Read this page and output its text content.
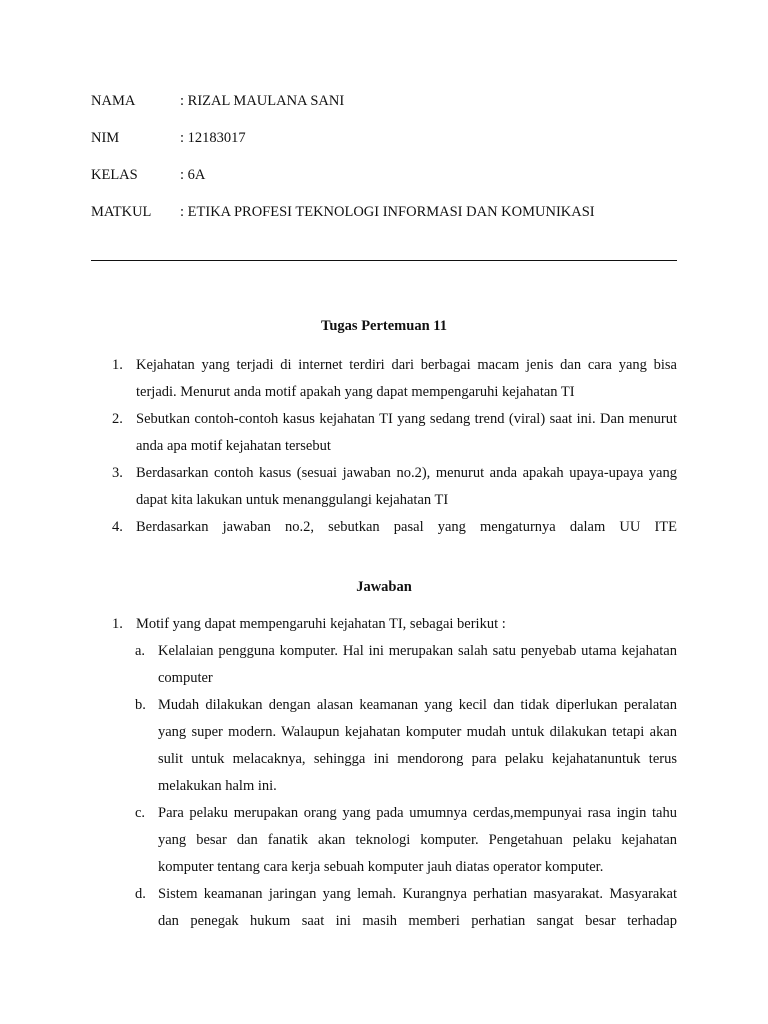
NAMA	: RIZAL MAULANA SANI
NIM	: 12183017
KELAS	: 6A
MATKUL : ETIKA PROFESI TEKNOLOGI INFORMASI DAN KOMUNIKASI
Tugas Pertemuan 11
1. Kejahatan yang terjadi di internet terdiri dari berbagai macam jenis dan cara yang bisa terjadi. Menurut anda motif apakah yang dapat mempengaruhi kejahatan TI
2. Sebutkan contoh-contoh kasus kejahatan TI yang sedang trend (viral) saat ini. Dan menurut anda apa motif kejahatan tersebut
3. Berdasarkan contoh kasus (sesuai jawaban no.2), menurut anda apakah upaya-upaya yang dapat kita lakukan untuk menanggulangi kejahatan TI
4. Berdasarkan jawaban no.2, sebutkan pasal yang mengaturnya dalam UU ITE
Jawaban
1. Motif yang dapat mempengaruhi kejahatan TI, sebagai berikut :
a. Kelalaian pengguna komputer. Hal ini merupakan salah satu penyebab utama kejahatan computer
b. Mudah dilakukan dengan alasan keamanan yang kecil dan tidak diperlukan peralatan yang super modern. Walaupun kejahatan komputer mudah untuk dilakukan tetapi akan sulit untuk melacaknya, sehingga ini mendorong para pelaku kejahatanuntuk terus melakukan halm ini.
c. Para pelaku merupakan orang yang pada umumnya cerdas,mempunyai rasa ingin tahu yang besar dan fanatik akan teknologi komputer. Pengetahuan pelaku kejahatan komputer tentang cara kerja sebuah komputer jauh diatas operator komputer.
d. Sistem keamanan jaringan yang lemah. Kurangnya perhatian masyarakat. Masyarakat dan penegak hukum saat ini masih memberi perhatian sangat besar terhadap
